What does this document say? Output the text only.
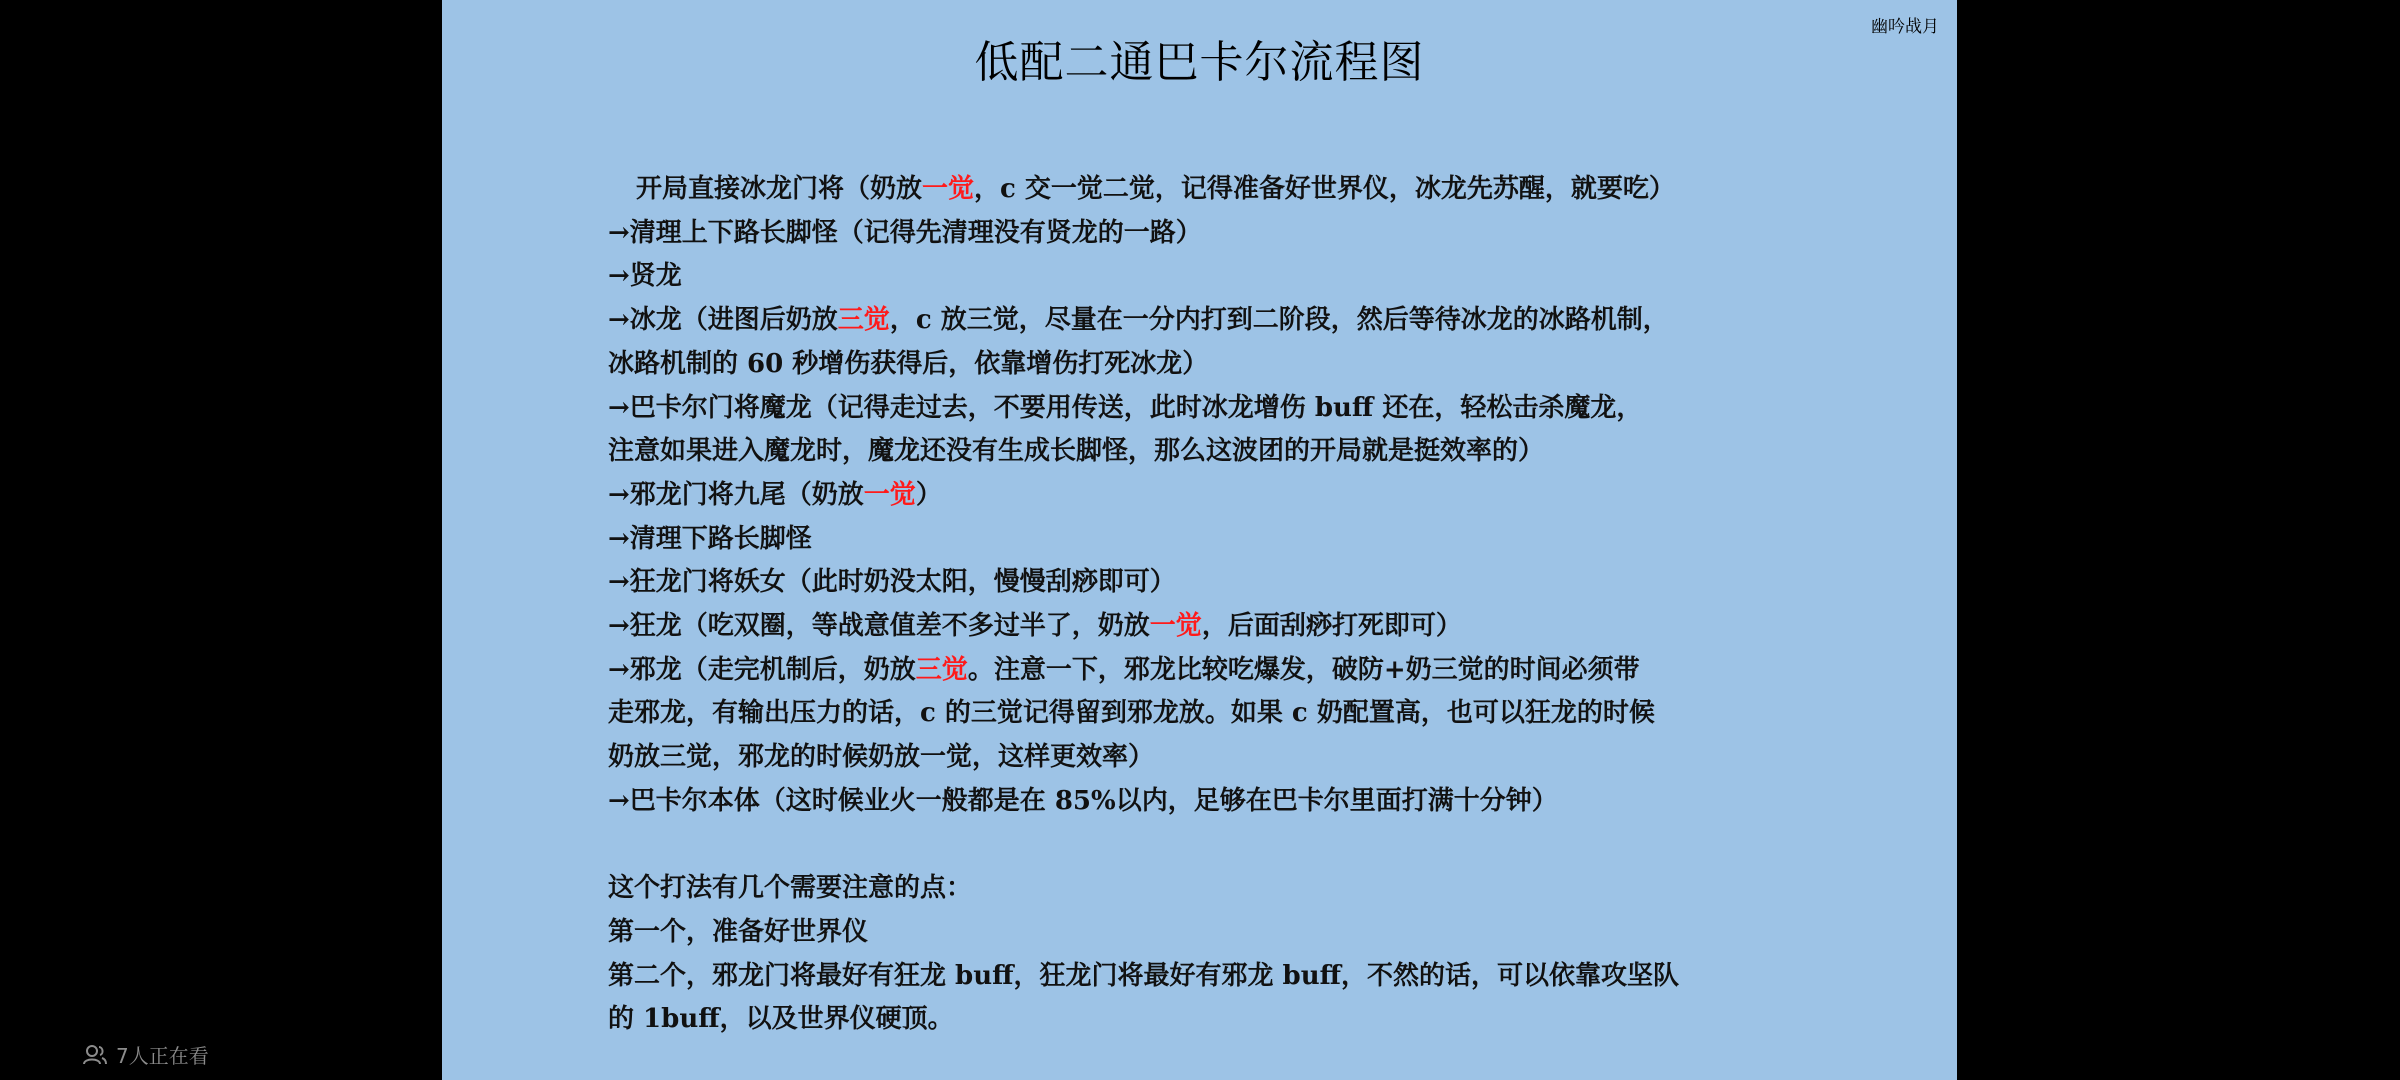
幽吟战月
低配二通巴卡尔流程图

开局直接冰龙门将（奶放一觉，c 交一觉二觉，记得准备好世界仪，冰龙先苏醒，就要吃）

→清理上下路长脚怪（记得先清理没有贤龙的一路）

→贤龙

→冰龙（进图后奶放三觉，c 放三觉，尽量在一分内打到二阶段，然后等待冰龙的冰路机制，

冰路机制的 60 秒增伤获得后，依靠增伤打死冰龙）

→巴卡尔门将魔龙（记得走过去，不要用传送，此时冰龙增伤 buff 还在，轻松击杀魔龙，

注意如果进入魔龙时，魔龙还没有生成长脚怪，那么这波团的开局就是挺效率的）

→邪龙门将九尾（奶放一觉）

→清理下路长脚怪

→狂龙门将妖女（此时奶没太阳，慢慢刮痧即可）

→狂龙（吃双圈，等战意值差不多过半了，奶放一觉，后面刮痧打死即可）

→邪龙（走完机制后，奶放三觉。注意一下，邪龙比较吃爆发，破防+奶三觉的时间必须带

走邪龙，有输出压力的话，c 的三觉记得留到邪龙放。如果 c 奶配置高，也可以狂龙的时候

奶放三觉，邪龙的时候奶放一觉，这样更效率）

→巴卡尔本体（这时候业火一般都是在 85%以内，足够在巴卡尔里面打满十分钟）

这个打法有几个需要注意的点：

第一个，准备好世界仪

第二个，邪龙门将最好有狂龙 buff，狂龙门将最好有邪龙 buff，不然的话，可以依靠攻坚队

的 1buff，以及世界仪硬顶。

7人正在看
